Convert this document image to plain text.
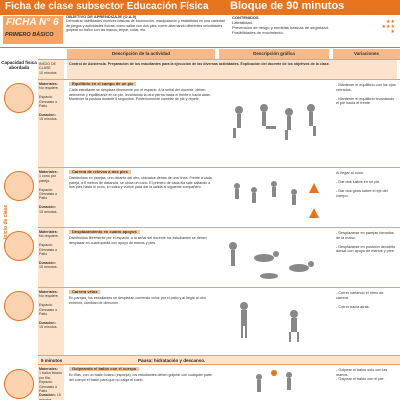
Ficha de clase subsector Educación Física Bloque de 90 minutos
FICHA N° 6
PRIMERO BÁSICO
OBJETIVO DE APRENDIZAJE (O.A.5)
Demostrar habilidades motrices básicas de locomoción, manipulación y estabilidad en una variedad de juegos y actividades físicas, como saltar con dos pies, correr,alternando diferentes velocidades, golpear un balón con las manos, trepar, rodar, etc.
CONTENIDOS
Lateralidad.	★★
Prevención de riesgo y medidas básicas de seguridad.	★★★
Posibilidades de movimiento.	★
Descripción de la actividad	Descripción gráfica	Variaciones
Capacidad física abordada
Inicio de clase
INICIO DE CLASE
10 minutos
Control de Asistencia. Preparación de los estudiantes para la ejecución de las diversas actividades. Explicación del docente de los objetivos de la clase.
Materiales:
No requiere.

Espacio: Gimnasio o Patio

Duración:
15 minutos.
Equilibrio en el campo de un pie
Cada estudiante se desplaza libremente por el espacio. A la señal del docente, deben detenerse y equilibrarse en un pie, levantando la otra pierna hacia el frente o hacia atrás. Mantener la postura durante 5 segundos. Posteriormente cambiar de pie y repetir.
- Mantener el equilibrio con los ojos cerrados.

- Mantener el equilibrio levantando el pie hacia el frente.
Materiales:
1 cono por pareja.

Espacio: Gimnasio o Patio

Duración:
15 minutos.
Carrera de relevos a dos pies
Distribuidos en parejas, uno delante del otro, ubicados detrás de una línea. Frente a cada pareja, a 8 metros de distancia, se ubica un cono. El primero de cada fila sale saltando a dos pies hasta el cono, lo rodea y vuelve para dar la salida al siguiente compañero.
Al llegar al cono:

- Dar dos saltos en un pie.

- Dar dos giros sobre el eje del cuerpo.
Materiales:
No requiere.

Espacio: Gimnasio o Patio

Duración:
15 minutos.
Desplazamiento en cuatro apoyos
Distribuidos libremente por el espacio, a la señal del docente los estudiantes se deben desplazar en cuadrupedia con apoyo de manos y pies.
- Desplazarse en parejas tomados de la mano.

- Desplazarse en posición decúbito dorsal con apoyo de manos y pies.
Materiales:
No requiere.

Espacio: Gimnasio o Patio

Duración:
15 minutos.
Carrera veloz
En parejas, los estudiantes se desplazan corriendo veloz por el patio y al llegar al otro extremo, cambian de dirección.
- Correr variando el ritmo de carrera.

- Correr hacia atrás.
5 minutos	Pausa: hidratación y descanso.
Materiales:
1 balón liviano por fila.
Espacio: Gimnasio o Patio
Duración: 15 minutos.
Golpeando el balón con el cuerpo
En filas, con un balón liviano (esponja), los estudiantes deben golpear con cualquier parte del cuerpo el balón para que no caiga al suelo.
- Golpear el balón solo con las manos.
- Golpear el balón con el pie.
